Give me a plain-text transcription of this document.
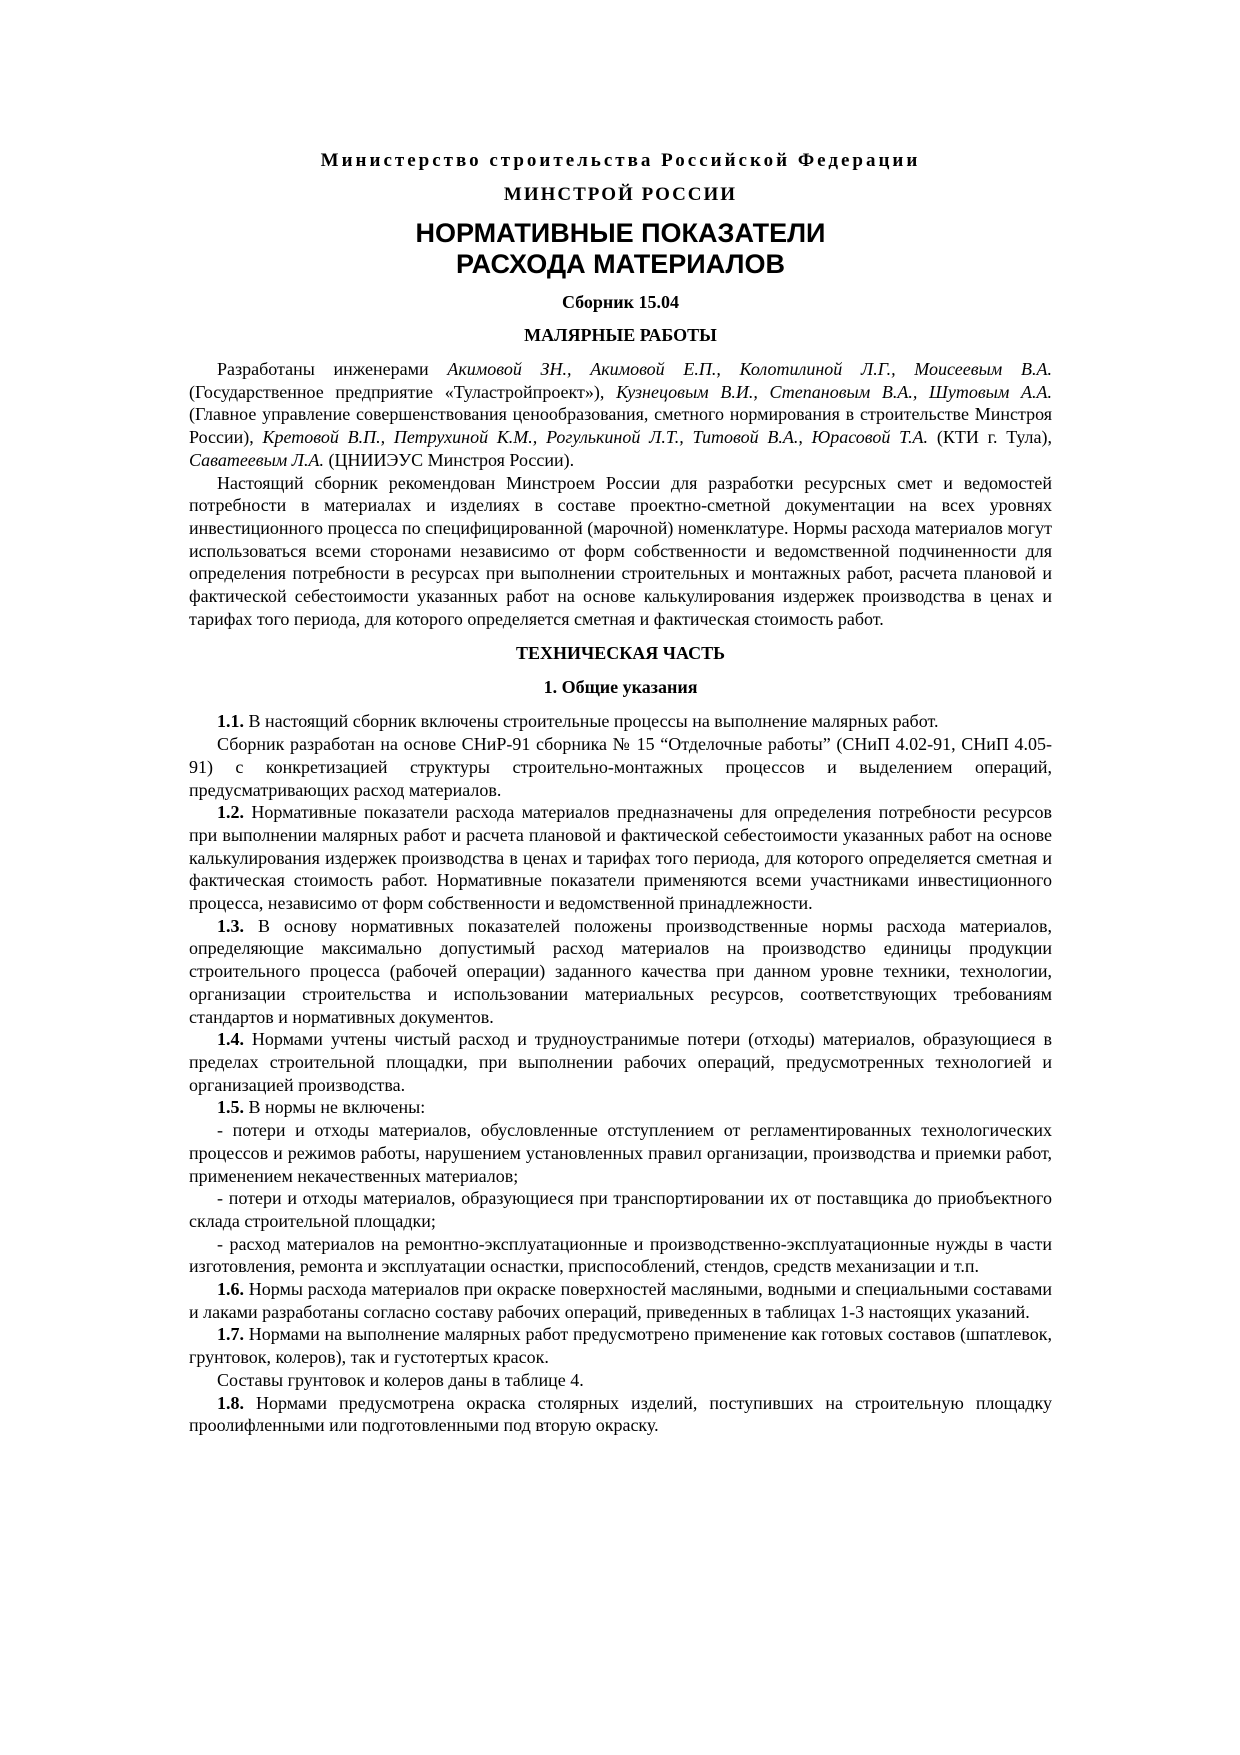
Министерство строительства Российской Федерации
МИНСТРОЙ РОССИИ
НОРМАТИВНЫЕ ПОКАЗАТЕЛИ
РАСХОДА МАТЕРИАЛОВ
Сборник 15.04
МАЛЯРНЫЕ РАБОТЫ

Разработаны инженерами Акимовой ЗН., Акимовой Е.П., Колотилиной Л.Г., Моисеевым В.А. (Государственное предприятие «Туластройпроект»), Кузнецовым В.И., Степановым В.А., Шутовым А.А. (Главное управление совершенствования ценообразования, сметного нормирования в строительстве Минстроя России), Кретовой В.П., Петрухиной К.М., Рогулькиной Л.Т., Титовой В.А., Юрасовой Т.А. (КТИ г. Тула), Саватеевым Л.А. (ЦНИИЭУС Минстроя России).

Настоящий сборник рекомендован Минстроем России для разработки ресурсных смет и ведомостей потребности в материалах и изделиях в составе проектно-сметной документации на всех уровнях инвестиционного процесса по специфицированной (марочной) номенклатуре. Нормы расхода материалов могут использоваться всеми сторонами независимо от форм собственности и ведомственной подчиненности для определения потребности в ресурсах при выполнении строительных и монтажных работ, расчета плановой и фактической себестоимости указанных работ на основе калькулирования издержек производства в ценах и тарифах того периода, для которого определяется сметная и фактическая стоимость работ.

ТЕХНИЧЕСКАЯ ЧАСТЬ
1. Общие указания

1.1. В настоящий сборник включены строительные процессы на выполнение малярных работ.

Сборник разработан на основе СНиР-91 сборника № 15 “Отделочные работы” (СНиП 4.02-91, СНиП 4.05-91) с конкретизацией структуры строительно-монтажных процессов и выделением операций, предусматривающих расход материалов.

1.2. Нормативные показатели расхода материалов предназначены для определения потребности ресурсов при выполнении малярных работ и расчета плановой и фактической себестоимости указанных работ на основе калькулирования издержек производства в ценах и тарифах того периода, для которого определяется сметная и фактическая стоимость работ. Нормативные показатели применяются всеми участниками инвестиционного процесса, независимо от форм собственности и ведомственной принадлежности.

1.3. В основу нормативных показателей положены производственные нормы расхода материалов, определяющие максимально допустимый расход материалов на производство единицы продукции строительного процесса (рабочей операции) заданного качества при данном уровне техники, технологии, организации строительства и использовании материальных ресурсов, соответствующих требованиям стандартов и нормативных документов.

1.4. Нормами учтены чистый расход и трудноустранимые потери (отходы) материалов, образующиеся в пределах строительной площадки, при выполнении рабочих операций, предусмотренных технологией и организацией производства.

1.5. В нормы не включены:

- потери и отходы материалов, обусловленные отступлением от регламентированных технологических процессов и режимов работы, нарушением установленных правил организации, производства и приемки работ, применением некачественных материалов;

- потери и отходы материалов, образующиеся при транспортировании их от поставщика до приобъектного склада строительной площадки;

- расход материалов на ремонтно-эксплуатационные и производственно-эксплуатационные нужды в части изготовления, ремонта и эксплуатации оснастки, приспособлений, стендов, средств механизации и т.п.

1.6. Нормы расхода материалов при окраске поверхностей масляными, водными и специальными составами и лаками разработаны согласно составу рабочих операций, приведенных в таблицах 1-3 настоящих указаний.

1.7. Нормами на выполнение малярных работ предусмотрено применение как готовых составов (шпатлевок, грунтовок, колеров), так и густотертых красок.

Составы грунтовок и колеров даны в таблице 4.

1.8. Нормами предусмотрена окраска столярных изделий, поступивших на строительную площадку проолифленными или подготовленными под вторую окраску.
